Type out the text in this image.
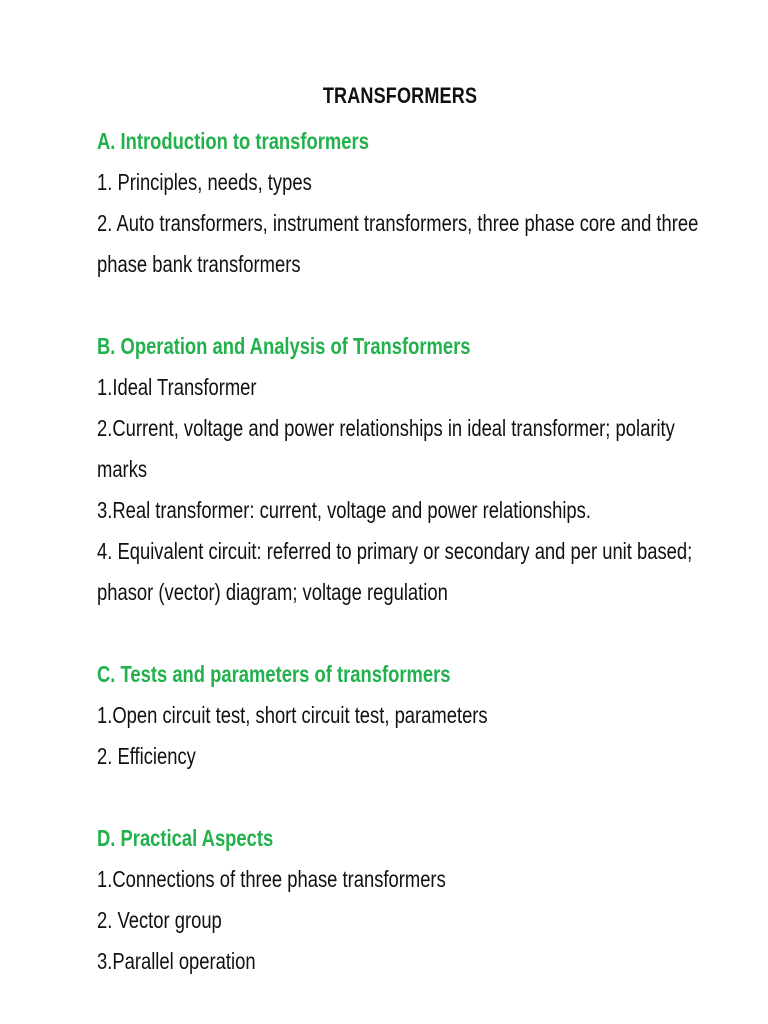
TRANSFORMERS
A. Introduction to transformers
1. Principles, needs, types
2. Auto transformers, instrument transformers, three phase core and three
phase bank transformers
B. Operation and Analysis of Transformers
1.Ideal Transformer
2.Current, voltage and power relationships in ideal transformer; polarity
marks
3.Real transformer: current, voltage and power relationships.
4. Equivalent circuit: referred to primary or secondary and per unit based;
phasor (vector) diagram; voltage regulation
C. Tests and parameters of transformers
1.Open circuit test, short circuit test, parameters
2. Efficiency
D. Practical Aspects
1.Connections of three phase transformers
2. Vector group
3.Parallel operation
